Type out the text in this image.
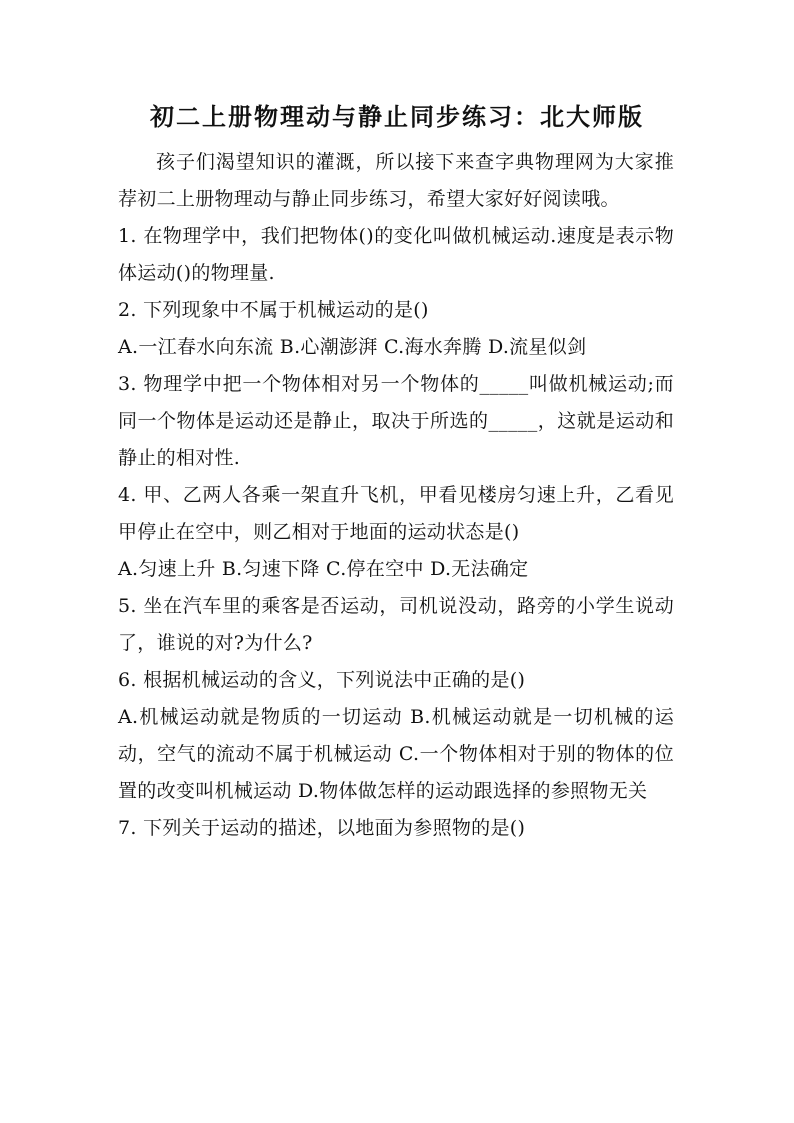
初二上册物理动与静止同步练习：北大师版

孩子们渴望知识的灌溉，所以接下来查字典物理网为大家推荐初二上册物理动与静止同步练习，希望大家好好阅读哦。

1. 在物理学中，我们把物体()的变化叫做机械运动.速度是表示物体运动()的物理量.

2. 下列现象中不属于机械运动的是()

A.一江春水向东流 B.心潮澎湃 C.海水奔腾 D.流星似剑

3. 物理学中把一个物体相对另一个物体的_____叫做机械运动;而同一个物体是运动还是静止，取决于所选的_____，这就是运动和静止的相对性.

4. 甲、乙两人各乘一架直升飞机，甲看见楼房匀速上升，乙看见甲停止在空中，则乙相对于地面的运动状态是()

A.匀速上升 B.匀速下降 C.停在空中 D.无法确定

5. 坐在汽车里的乘客是否运动，司机说没动，路旁的小学生说动了，谁说的对?为什么?

6. 根据机械运动的含义，下列说法中正确的是()

A.机械运动就是物质的一切运动 B.机械运动就是一切机械的运动，空气的流动不属于机械运动 C.一个物体相对于别的物体的位置的改变叫机械运动 D.物体做怎样的运动跟选择的参照物无关

7. 下列关于运动的描述，以地面为参照物的是()
